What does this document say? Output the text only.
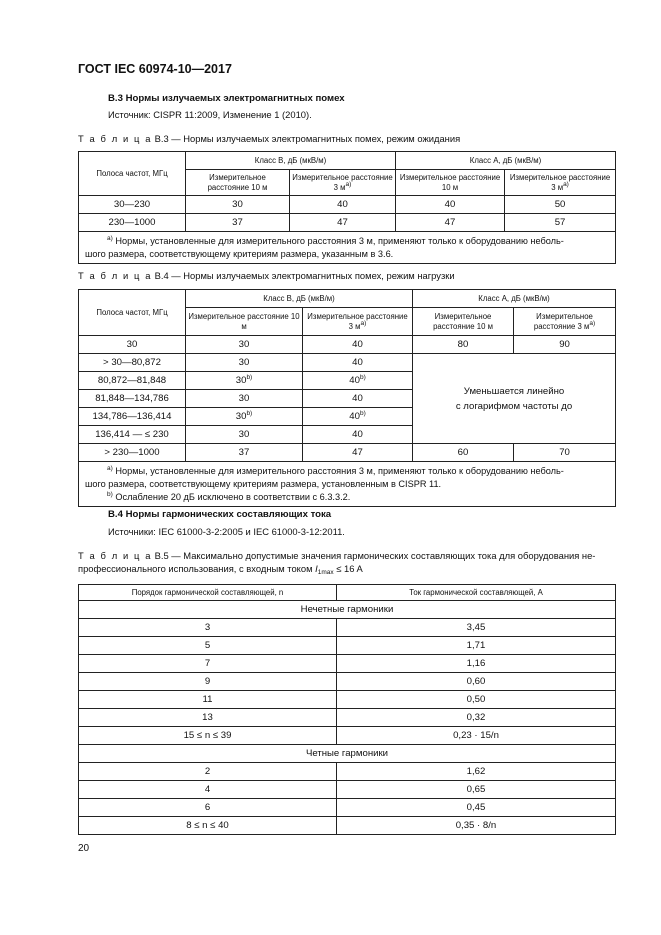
ГОСТ IEC 60974-10—2017
B.3 Нормы излучаемых электромагнитных помех
Источник: CISPR 11:2009, Изменение 1 (2010).
Т а б л и ц а B.3 — Нормы излучаемых электромагнитных помех, режим ожидания
Полоса частот, МГц	Класс B, дБ (мкВ/м)		Класс A, дБ (мкВ/м)	
	Измерительное расстояние 10 м	Измерительное расстояние 3 $м^{a)}$	Измерительное расстояние 10 м	Измерительное расстояние 3 $м^{a)}$
30—230	30	40	40	50
230—1000	37	47	47	57

$^{a)}$ Нормы, установленные для измерительного расстояния 3 м, применяют только к оборудованию неболь-
шого размера, соответствующему критериям размера, указанным в 3.6.				
Т а б л и ц а B.4 — Нормы излучаемых электромагнитных помех, режим нагрузки
Полоса частот, МГц	Класс B, дБ (мкВ/м)		Класс A, дБ (мкВ/м)	
	Измерительное расстояние 10 м	Измерительное расстояние 3 $м^{a)}$	Измерительное расстояние 10 м	Измерительное расстояние 3 $м^{a)}$
30	30	40	80	90
> 30—80,872	30	40	Уменьшается линейно
с логарифмом частоты до	

80,872—81,848	30$^{b)}$	40$^{b)}$
81,848—134,786	30	40		
134,786—136,414	30$^{b)}$	40$^{b)}$
136,414 — ≤ 230	30	40		
> 230—1000	37	47	60	70

$^{a)}$ Нормы, установленные для измерительного расстояния 3 м, применяют только к оборудованию неболь-
шого размера, соответствующему критериям размера, установленным в CISPR 11.
$^{b)}$ Ослабление 20 дБ исключено в соответствии с 6.3.3.2.				
B.4 Нормы гармонических составляющих тока
Источники: IEC 61000-3-2:2005 и IEC 61000-3-12:2011.
Т а б л и ц а B.5 — Максимально допустимые значения гармонических составляющих тока для оборудования не-
профессионального использования, с входным током $I_{1max} \le 16$ A
Порядок гармонической составляющей, n	Ток гармонической составляющей, А
Нечетные гармоники	
3	3,45
5	1,71
7	1,16
9	0,60
11	0,50
13	0,32
15 ≤ n ≤ 39	0,23 · 15/n
Четные гармоники	
2	1,62
4	0,65
6	0,45
8 ≤ n ≤ 40	0,35 · 8/n
20
